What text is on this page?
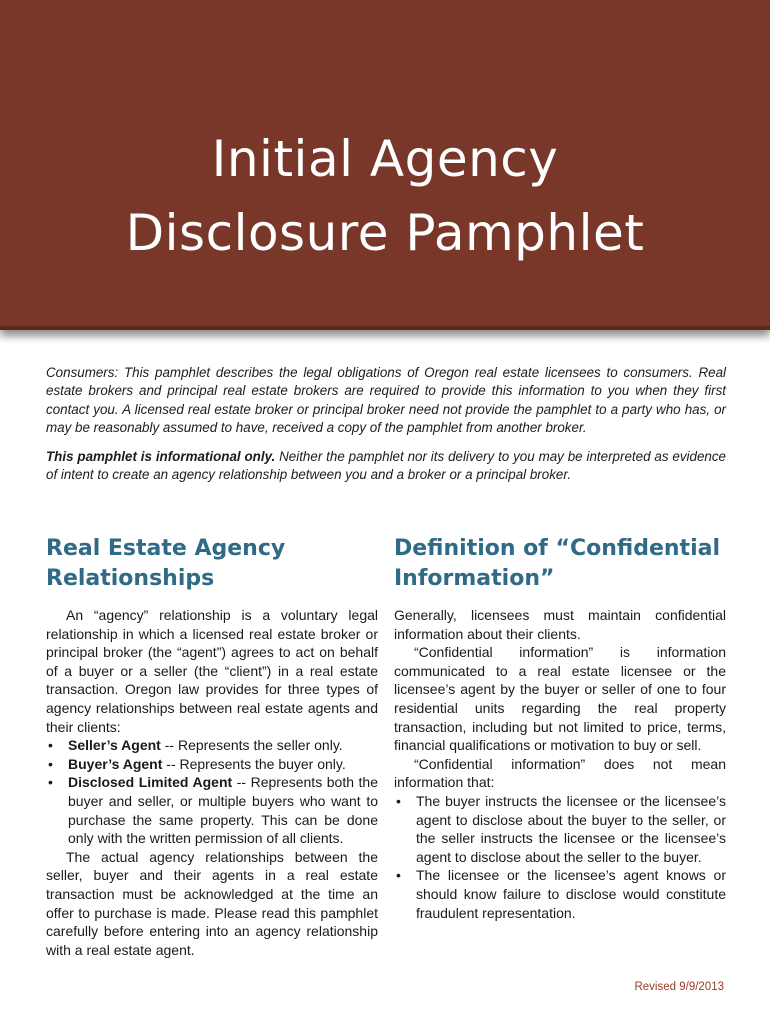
Initial Agency
Disclosure Pamphlet

Consumers: This pamphlet describes the legal obligations of Oregon real estate licensees to consumers. Real estate brokers and principal real estate brokers are required to provide this information to you when they first contact you. A licensed real estate broker or principal broker need not provide the pamphlet to a party who has, or may be reasonably assumed to have, received a copy of the pamphlet from another broker.

This pamphlet is informational only. Neither the pamphlet nor its delivery to you may be interpreted as evidence of intent to create an agency relationship between you and a broker or a principal broker.

Real Estate Agency
Relationships

An “agency” relationship is a voluntary legal relationship in which a licensed real estate broker or principal broker (the “agent”) agrees to act on behalf of a buyer or a seller (the “client”) in a real estate transaction. Oregon law provides for three types of agency relationships between real estate agents and their clients:

• Seller’s Agent -- Represents the seller only.
• Buyer’s Agent -- Represents the buyer only.
• Disclosed Limited Agent -- Represents both the buyer and seller, or multiple buyers who want to purchase the same property. This can be done only with the written permission of all clients.

The actual agency relationships between the seller, buyer and their agents in a real estate transaction must be acknowledged at the time an offer to purchase is made. Please read this pamphlet carefully before entering into an agency relationship with a real estate agent.

Definition of “Confidential
Information”

Generally, licensees must maintain confidential information about their clients.

“Confidential information” is information communicated to a real estate licensee or the licensee’s agent by the buyer or seller of one to four residential units regarding the real property transaction, including but not limited to price, terms, financial qualifications or motivation to buy or sell.

“Confidential information” does not mean information that:

• The buyer instructs the licensee or the licensee’s agent to disclose about the buyer to the seller, or the seller instructs the licensee or the licensee’s agent to disclose about the seller to the buyer.
• The licensee or the licensee’s agent knows or should know failure to disclose would constitute fraudulent representation.
Revised 9/9/2013
